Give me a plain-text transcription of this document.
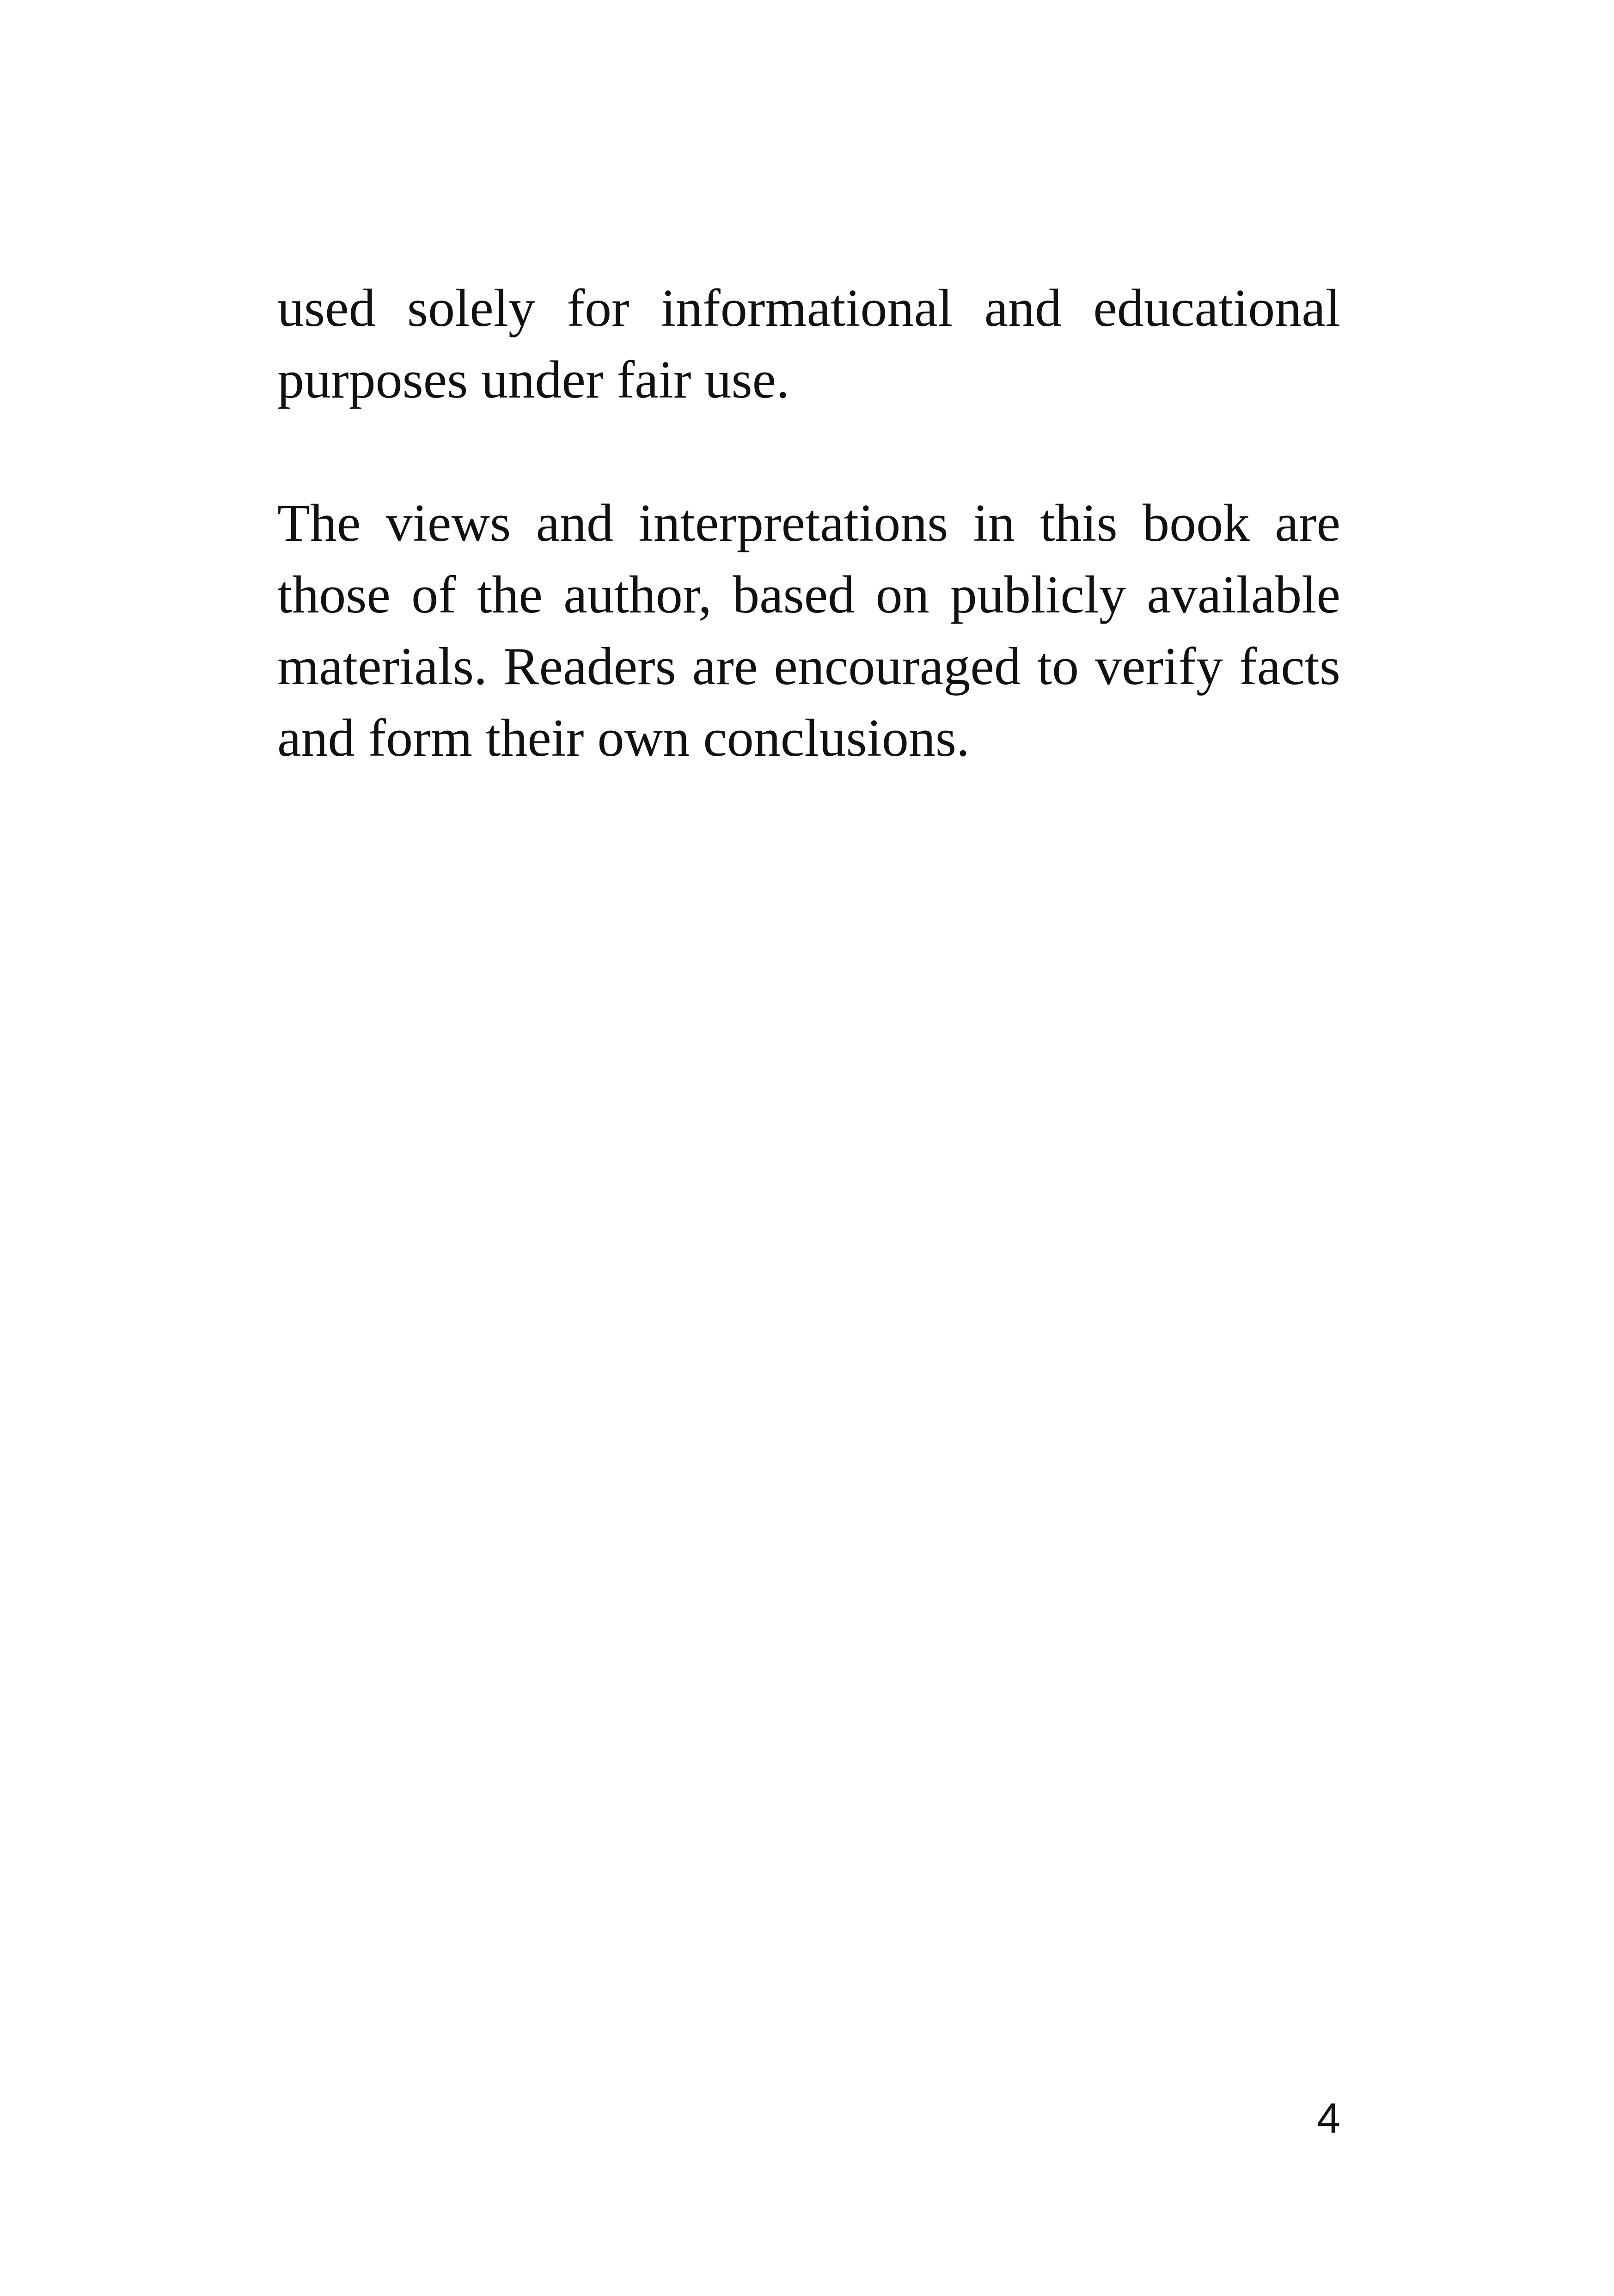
used solely for informational and educational purposes under fair use.

The views and interpretations in this book are those of the author, based on publicly available materials. Readers are encouraged to verify facts and form their own conclusions.

4
